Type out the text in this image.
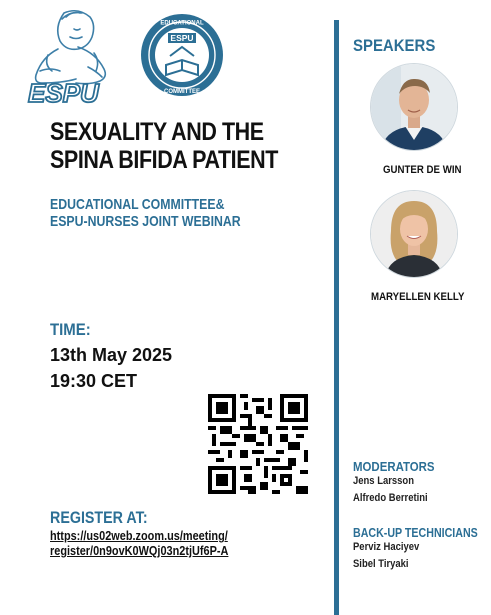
ESPU
EDUCATIONAL
ESPU
COMMITTEE
SEXUALITY AND THE
SPINA BIFIDA PATIENT
EDUCATIONAL COMMITTEE&
ESPU-NURSES JOINT WEBINAR
TIME:
13th May 2025
19:30 CET
REGISTER AT:
https://us02web.zoom.us/meeting/
register/0n9ovK0WQj03n2tjUf6P-A
SPEAKERS
GUNTER DE WIN
MARYELLEN KELLY
MODERATORS
Jens Larsson
Alfredo Berretini
BACK-UP TECHNICIANS
Perviz Haciyev
Sibel Tiryaki
